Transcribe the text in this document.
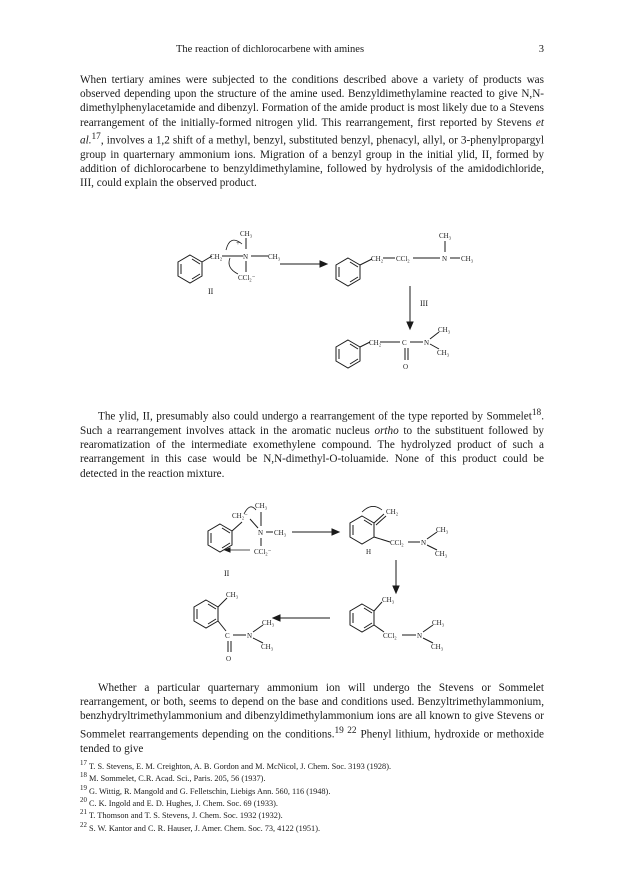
The reaction of dichlorocarbene with amines	3

When tertiary amines were subjected to the conditions described above a variety of products was observed depending upon the structure of the amine used. Benzyldimethylamine reacted to give N,N-dimethylphenylacetamide and dibenzyl. Formation of the amide product is most likely due to a Stevens rearrangement of the initially-formed nitrogen ylid. This rearrangement, first reported by Stevens et al.$^{17}$, involves a 1,2 shift of a methyl, benzyl, substituted benzyl, phenacyl, allyl, or 3-phenylpropargyl group in quarternary ammonium ions. Migration of a benzyl group in the initial ylid, II, formed by addition of dichlorocarbene to benzyldimethylamine, followed by hydrolysis of the amidodichloride, III, could explain the observed product.

CH₂	N
+
CH₃
CH₃
CCl₂⁻
II
CH₂ CCl₂	N CH₃
CH₃
III
CH₂	C
O
N
CH₃
CH₃

The ylid, II, presumably also could undergo a rearrangement of the type reported by Sommelet$^{18}$. Such a rearrangement involves attack in the aromatic nucleus ortho to the substituent followed by rearomatization of the intermediate exomethylene compound. The hydrolyzed product of such a rearrangement in this case would be N,N-dimethyl-O-toluamide. None of this product could be detected in the reaction mixture.

CH₂⁻
N CH₃
CH₃
CCl₂⁻
II
CH₂
H
CCl₂ N
CH₃
CH₃
CH₃
CCl₂	N
CH₃
CH₃
CH₃
C
O
N
CH₃
CH₃

Whether a particular quarternary ammonium ion will undergo the Stevens or Sommelet rearrangement, or both, seems to depend on the base and conditions used. Benzyltrimethylammonium, benzhydryltrimethylammonium and dibenzyldimethylammonium ions are all known to give Stevens or Sommelet rearrangements depending on the conditions.$^{19 22}$ Phenyl lithium, hydroxide or methoxide tended to give

$^{17}$ T. S. Stevens, E. M. Creighton, A. B. Gordon and M. McNicol, J. Chem. Soc. 3193 (1928).
$^{18}$ M. Sommelet, C.R. Acad. Sci., Paris. 205, 56 (1937).
$^{19}$ G. Wittig, R. Mangold and G. Felletschin, Liebigs Ann. 560, 116 (1948).
$^{20}$ C. K. Ingold and E. D. Hughes, J. Chem. Soc. 69 (1933).
$^{21}$ T. Thomson and T. S. Stevens, J. Chem. Soc. 1932 (1932).
$^{22}$ S. W. Kantor and C. R. Hauser, J. Amer. Chem. Soc. 73, 4122 (1951).
